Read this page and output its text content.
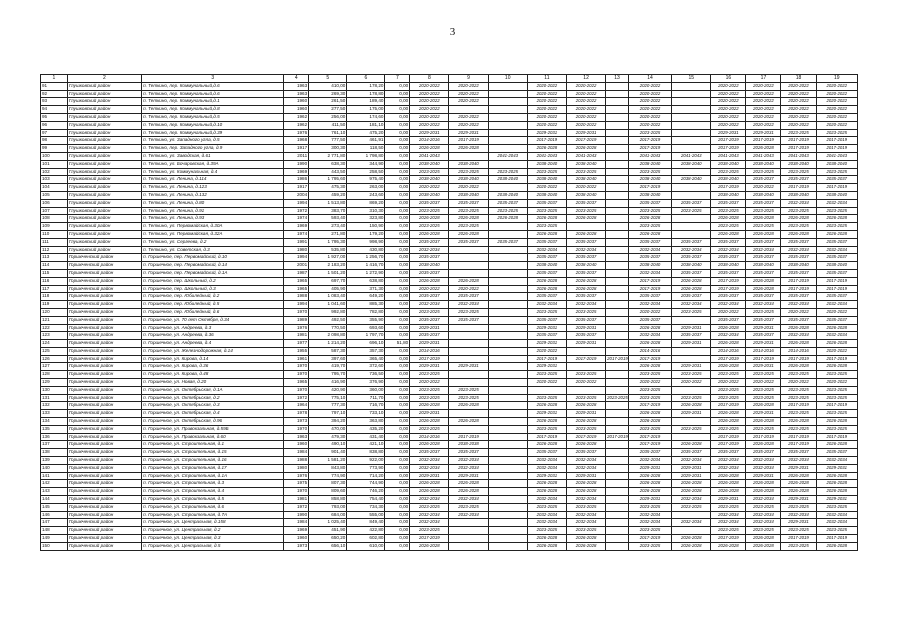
3
1	2	3	4	5	6	7	8	9	10	11	12	13	14	15	16	17	18	19
91	Глушковский район	п. Теткино, пер. Коммунальный,д.6	1963	410,00	178,20	0,00	2020-2022	2020-2022		2020-2022	2020-2022		2020-2022		2020-2022	2020-2022	2020-2022	2020-2022
92	Глушковский район	п. Теткино, пер. Коммунальный,д.6	1963	269,30	178,80	0,00	2020-2022	2020-2022		2020-2022	2020-2022		2020-2022		2020-2022	2020-2022	2020-2022	2020-2022
93	Глушковский район	п. Теткино, пер. Коммунальный,д.1	1960	261,50	189,40	0,00	2020-2022	2020-2022		2020-2022	2020-2022		2020-2022		2020-2022	2020-2022	2020-2022	2020-2022
94	Глушковский район	п. Теткино, пер. Коммунальный,д.8	1960	277,50	175,00	0,00	2020-2022			2020-2022	2020-2022		2020-2022		2020-2022	2020-2022	2020-2022	2020-2022
95	Глушковский район	п. Теткино, пер. Коммунальный,д.5	1962	256,00	174,60	0,00	2020-2022	2020-2022		2020-2022	2020-2022		2020-2022		2020-2022	2020-2022	2020-2022	2020-2022
96	Глушковский район	п. Теткино, пер. Коммунальный,д.10	1962	411,50	181,10	0,00	2020-2022	2020-2022		2020-2022	2020-2022		2020-2022		2020-2022	2020-2022	2020-2022	2020-2022
97	Глушковский район	п. Теткино, пер. Коммунальный,д.39	1976	761,10	475,20	0,00	2029-2031	2029-2031		2029-2031	2029-2031		2023-2025		2029-2031	2029-2031	2023-2025	2023-2025
98	Глушковский район	п. Теткино, ул. Западного угла, д.5	1968	777,50	461,91	0,00	2014-2016	2017-2019		2017-2019	2017-2019		2017-2019		2017-2019	2017-2019	2017-2019	2017-2019
99	Глушковский район	п. Теткино, пер. Западного угла, д.9	1917	300,30	118,50	0,00	2026-2028	2026-2028		2026-2028	2026-2028		2017-2019		2017-2019	2026-2028	2017-2019	2017-2019
100	Глушковский район	п. Теткино, ул. Заводская, д.61	2011	2 771,80	1 798,80	0,00	2041-2043		2041-2043	2041-2043	2041-2043		2041-2043	2041-2043	2041-2043	2041-2043	2041-2043	2041-2043
101	Глушковский район	п. Теткино, ул. Бочаровская, д.39А	1990	638,30	344,90	0,00	2038-2040	2038-2040		2038-2040	2038-2040		2038-2040	2038-2040	2038-2040	2038-2040	2038-2040	2038-2040
102	Глушковский район	п. Теткино, ул. Коммунальная, д.4	1969	443,50	258,50	0,00	2023-2025	2023-2025	2023-2025	2023-2025	2023-2025		2023-2025		2023-2025	2023-2025	2023-2025	2023-2025
103	Глушковский район	п. Теткино, ул. Ленина, д.114	1986	1 795,60	975,40	0,00	2038-2040	2038-2040	2038-2040	2038-2040	2038-2040		2038-2040	2038-2040	2038-2040	2035-2037	2035-2037	2035-2037
104	Глушковский район	п. Теткино, ул. Ленина, д.123	1917	475,30	263,00	0,00	2020-2022	2020-2022		2020-2022	2020-2022		2017-2019		2017-2019	2020-2022	2017-2019	2017-2019
105	Глушковский район	п. Теткино, ул. Ленина, д.132	2004	459,20	243,60	0,00	2038-2040	2038-2040	2038-2040	2038-2040	2038-2040		2038-2040		2038-2040	2038-2040	2038-2040	2038-2040
106	Глушковский район	п. Теткино, ул. Ленина, д.80	1994	1 513,80	869,20	0,00	2035-2037	2035-2037	2035-2037	2035-2037	2035-2037		2035-2037	2035-2037	2035-2037	2035-2037	2032-2034	2032-2034
107	Глушковский район	п. Теткино, ул. Ленина, д.91	1972	383,70	310,30	0,00	2023-2025	2023-2025	2023-2025	2023-2025	2023-2025		2023-2025	2023-2025	2023-2025	2023-2025	2023-2025	2023-2025
108	Глушковский район	п. Теткино, ул. Ленина, д.93	1974	593,40	323,80	0,00	2026-2028	2026-2028	2026-2028	2026-2028	2026-2028		2026-2028		2026-2028	2026-2028	2026-2028	2026-2028
109	Глушковский район	п. Теткино, ул. Первомайская, д.30А	1969	273,40	150,90	0,00	2023-2025	2023-2025		2023-2025			2023-2025		2023-2025	2023-2025	2023-2025	2023-2025
110	Глушковский район	п. Теткино, ул. Первомайская, д.32А	1974	271,80	179,20	0,00	2026-2028	2026-2028		2026-2028	2026-2028		2026-2028		2026-2028	2026-2028	2026-2028	2026-2028
111	Глушковский район	п. Теткино, ул. Сергеева, д.2	1991	1 795,30	998,90	0,00	2035-2037	2035-2037	2035-2037	2035-2037	2035-2037		2035-2037	2035-2037	2035-2037	2035-2037	2035-2037	2035-2037
112	Глушковский район	п. Теткино, ул. Советская, д.3	1980	535,80	430,80	0,00	2032-2034			2032-2034	2032-2034		2032-2034	2032-2034	2032-2034	2032-2034	2032-2034	2032-2034
113	Горшеченский район	п. Горшечное, пер. Первомайский, д.10	1994	1 927,00	1 256,70	0,00	2035-2037			2035-2037	2035-2037		2035-2037	2035-2037	2035-2037	2035-2037	2035-2037	2035-2037
114	Горшеченский район	п. Горшечное, пер. Первомайский, д.14	2001	2 183,20	1 416,70	0,00	2038-2040			2038-2040	2038-2040		2038-2040	2038-2040	2038-2040	2038-2040	2038-2040	2038-2040
115	Горшеченский район	п. Горшечное, пер. Первомайский, д.1А	1987	1 501,20	1 272,90	0,00	2035-2037			2035-2037	2035-2037		2032-2034	2035-2037	2035-2037	2035-2037	2035-2037	2035-2037
116	Горшеченский район	п. Горшечное, пер. Школьный, д.2	1965	697,70	638,80	0,00	2026-2028	2026-2028		2026-2028	2026-2028		2017-2019	2026-2028	2017-2019	2026-2028	2017-2019	2017-2019
117	Горшеченский район	п. Горшечное, пер. Школьный, д.3	1965	405,90	371,30	0,00	2020-2022	2020-2022		2026-2028	2026-2028		2017-2019	2026-2028	2017-2019	2026-2028	2017-2019	2017-2019
118	Горшеченский район	п. Горшечное, пер. Юбилейный, д.2	1988	1 083,40	649,20	0,00	2035-2037	2035-2037		2035-2037	2035-2037		2035-2037	2035-2037	2035-2037	2035-2037	2035-2037	2035-2037
119	Горшеченский район	п. Горшечное, пер. Юбилейный, д.5	1994	1 041,60	885,30	0,00	2032-2034	2032-2034		2032-2034	2032-2034		2032-2034	2032-2034	2032-2034	2032-2034	2032-2034	2032-2034
120	Горшеченский район	п. Горшечное, пер. Юбилейный, д.6	1970	992,80	782,80	0,00	2023-2025	2023-2025		2023-2025	2023-2025		2020-2022	2023-2025	2020-2022	2023-2025	2020-2022	2020-2022
121	Горшеченский район	п. Горшечное, ул. 70 лет Октября, д.34	1989	492,50	355,90	0,00	2035-2037	2035-2037		2035-2037	2035-2037		2035-2037		2035-2037	2035-2037	2035-2037	2035-2037
122	Горшеченский район	п. Горшечное, ул. Андреева, д.3	1976	770,50	693,60	0,00	2029-2031			2029-2031	2029-2031		2026-2028	2029-2031	2026-2028	2029-2031	2026-2028	2026-2028
123	Горшеченский район	п. Горшечное, ул. Андреева, д.36	1981	2 098,80	1 797,70	0,00	2035-2037			2035-2037	2035-2037		2032-2034	2035-2037	2032-2034	2035-2037	2032-2034	2032-2034
124	Горшеченский район	п. Горшечное, ул. Андреева, д.4	1977	1 214,20	696,10	51,80	2029-2031			2029-2031	2029-2031		2026-2028	2029-2031	2026-2028	2029-2031	2026-2028	2026-2028
125	Горшеченский район	п. Горшечное, ул. Железнодорожная, д.14	1955	587,30	357,30	0,00	2014-2016			2020-2022			2014-2016		2014-2016	2014-2016	2014-2016	2020-2022
126	Горшеченский район	п. Горшечное, ул. Кирова, д.14	1961	397,60	365,40	0,00	2017-2019			2017-2019	2017-2019	2017-2019	2017-2019		2017-2019	2017-2019	2017-2019	2017-2019
127	Горшеченский район	п. Горшечное, ул. Кирова, д.36	1970	419,70	372,60	0,00	2029-2031	2029-2031		2029-2031			2026-2028	2029-2031	2026-2028	2029-2031	2026-2028	2026-2028
128	Горшеченский район	п. Горшечное, ул. Кирова, д.48	1970	795,70	736,50	0,00	2023-2025			2023-2025	2023-2025		2023-2025	2023-2025	2023-2025	2023-2025	2023-2025	2023-2025
129	Горшеченский район	п. Горшечное, ул. Новая, д.20	1965	416,90	376,90	0,00	2020-2022			2020-2022	2020-2022		2020-2022	2020-2022	2020-2022	2020-2022	2020-2022	2020-2022
130	Горшеченский район	п. Горшечное, ул. Октябрьская, д.1А	1970	420,90	360,00	0,00	2023-2025	2023-2025					2023-2025		2023-2025	2023-2025	2023-2025	2023-2025
131	Горшеченский район	п. Горшечное, ул. Октябрьская, д.2	1972	775,10	711,70	0,00	2023-2025	2023-2025		2023-2025	2023-2025	2023-2025	2023-2025	2023-2025	2023-2025	2023-2025	2023-2025	2023-2025
132	Горшеченский район	п. Горшечное, ул. Октябрьская, д.3	1964	777,30	716,70	0,00	2026-2028	2026-2028		2026-2028	2026-2028		2017-2019	2026-2028	2017-2019	2026-2028	2017-2019	2017-2019
133	Горшеченский район	п. Горшечное, ул. Октябрьская, д.4	1978	797,10	733,10	0,00	2029-2031			2029-2031	2029-2031		2026-2028	2029-2031	2026-2028	2029-2031	2023-2025	2023-2025
134	Горшеченский район	п. Горшечное, ул. Октябрьская, д.96	1973	394,20	363,80	0,00	2026-2028	2026-2028		2026-2028	2026-2028		2026-2028		2026-2028	2026-2028	2026-2028	2026-2028
135	Горшеченский район	п. Горшечное, ул. Привокзальная, д.59Б	1970	470,00	435,20	0,00	2023-2025			2023-2025	2023-2025		2023-2025	2023-2025	2023-2025	2023-2025	2023-2025	2023-2025
136	Горшеченский район	п. Горшечное, ул. Привокзальная, д.60	1963	479,30	431,40	0,00	2014-2016	2017-2019		2017-2019	2017-2019	2017-2019	2017-2019		2017-2019	2017-2019	2017-2019	2017-2019
137	Горшеченский район	п. Горшечное, ул. Строительная, д.1	1960	490,10	421,10	0,00	2026-2028	2038-2038		2026-2028	2026-2028		2017-2019	2026-2028	2017-2019	2026-2028	2017-2019	2026-2028
138	Горшеченский район	п. Горшечное, ул. Строительная, д.15	1984	901,40	838,80	0,00	2035-2037	2035-2037		2035-2037	2035-2037		2035-2037	2035-2037	2035-2037	2035-2037	2035-2037	2035-2037
139	Горшеченский район	п. Горшечное, ул. Строительная, д.16	1988	1 581,20	922,00	0,00	2032-2034	2032-2034		2032-2034	2032-2034		2032-2034	2032-2034	2032-2034	2032-2034	2032-2034	2032-2034
140	Горшеченский район	п. Горшечное, ул. Строительная, д.17	1980	843,80	773,90	0,00	2032-2034	2032-2034		2032-2034	2032-2034		2029-2031	2029-2031	2032-2034	2032-2034	2029-2031	2029-2031
141	Горшеченский район	п. Горшечное, ул. Строительная, д.1А	1976	774,90	714,20	0,00	2029-2031	2029-2031		2029-2031	2029-2031		2026-2028	2029-2031	2026-2028	2029-2031	2026-2028	2026-2028
142	Горшеченский район	п. Горшечное, ул. Строительная, д.3	1975	807,30	744,90	0,00	2026-2028	2026-2028		2026-2028	2026-2028		2026-2028	2026-2028	2026-2028	2026-2028	2026-2028	2026-2028
143	Горшеченский район	п. Горшечное, ул. Строительная, д.4	1970	809,60	746,20	0,00	2026-2028	2026-2028		2026-2028	2026-2028		2026-2028	2026-2028	2026-2028	2026-2028	2026-2028	2026-2028
144	Горшеченский район	п. Горшечное, ул. Строительная, д.5	1981	858,80	754,40	0,00	2032-2034	2032-2034		2032-2034	2032-2034		2029-2031	2032-2034	2029-2031	2032-2034	2029-2031	2029-2031
145	Горшеченский район	п. Горшечное, ул. Строительная, д.6	1972	793,00	734,30	0,00	2023-2025	2023-2025		2023-2025	2023-2025		2023-2025	2023-2025	2023-2025	2023-2025	2023-2025	2023-2025
146	Горшеченский район	п. Горшечное, ул. Строительная, д.7А	1990	684,00	555,00	0,00	2032-2034	2032-2034		2032-2034	2032-2034		2032-2034		2032-2034	2032-2034	2032-2034	2032-2034
147	Горшеченский район	п. Горшечное, ул. Центральная, д.158	1984	1 025,40	849,40	0,00	2032-2034			2032-2034	2032-2034		2032-2034	2032-2034	2032-2034	2032-2034	2029-2031	2032-2034
148	Горшеченский район	п. Горшечное, ул. Центральная, д.2	1969	451,90	422,80	0,00	2023-2025			2023-2025	2023-2025		2023-2025		2023-2025	2023-2025	2023-2025	2023-2025
149	Горшеченский район	п. Горшечное, ул. Центральная, д.3	1960	650,20	602,80	0,00	2017-2019			2026-2028	2026-2028		2017-2019	2026-2028	2017-2019	2026-2028	2017-2019	2017-2019
150	Горшеченский район	п. Горшечное, ул. Центральная, д.5	1973	656,10	610,00	0,00	2026-2028			2026-2028	2026-2028		2023-2025	2026-2028	2026-2028	2026-2028	2023-2025	2026-2028
